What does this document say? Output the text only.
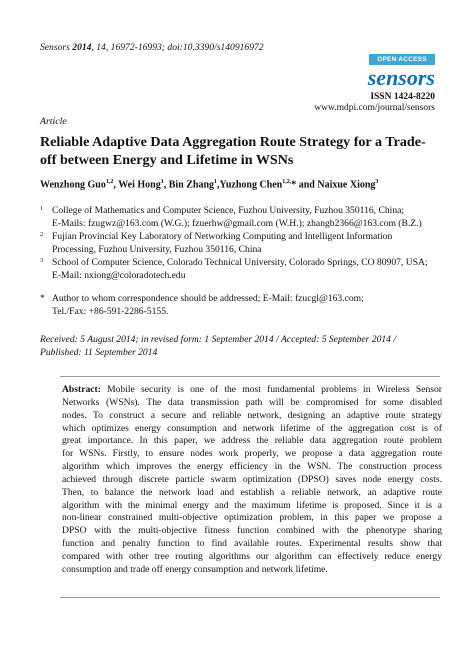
Sensors 2014, 14, 16972-16993; doi:10.3390/s140916972
OPEN ACCESS
sensors
ISSN 1424-8220
www.mdpi.com/journal/sensors
Article
Reliable Adaptive Data Aggregation Route Strategy for a Trade-off between Energy and Lifetime in WSNs
Wenzhong Guo$^{1,2}$, Wei Hong$^1$, Bin Zhang$^1$,Yuzhong Chen$^{1,2,}$* and Naixue Xiong$^3$
1 College of Mathematics and Computer Science, Fuzhou University, Fuzhou 350116, China;
E-Mails: fzugwz@163.com (W.G.); fzuerhw@gmail.com (W.H.); zhangb2366@163.com (B.Z.)
2 Fujian Provincial Key Laboratory of Networking Computing and Intelligent Information
Processing, Fuzhou University, Fuzhou 350116, China
3 School of Computer Science, Colorado Technical University, Colorado Springs, CO 80907, USA;
E-Mail: nxiong@coloradotech.edu
* Author to whom correspondence should be addressed; E-Mail: fzucgl@163.com;
Tel./Fax: +86-591-2286-5155.
Received: 5 August 2014; in revised form: 1 September 2014 / Accepted: 5 September 2014 /
Published: 11 September 2014
Abstract: Mobile security is one of the most fundamental problems in Wireless Sensor
Networks (WSNs). The data transmission path will be compromised for some disabled
nodes. To construct a secure and reliable network, designing an adaptive route strategy
which optimizes energy consumption and network lifetime of the aggregation cost is of
great importance. In this paper, we address the reliable data aggregation route problem
for WSNs. Firstly, to ensure nodes work properly, we propose a data aggregation route
algorithm which improves the energy efficiency in the WSN. The construction process
achieved through discrete particle swarm optimization (DPSO) saves node energy costs.
Then, to balance the network load and establish a reliable network, an adaptive route
algorithm with the minimal energy and the maximum lifetime is proposed. Since it is a
non-linear constrained multi-objective optimization problem, in this paper we propose a
DPSO with the multi-objective fitness function combined with the phenotype sharing
function and penalty function to find available routes. Experimental results show that
compared with other tree routing algorithms our algorithm can effectively reduce energy
consumption and trade off energy consumption and network lifetime.
